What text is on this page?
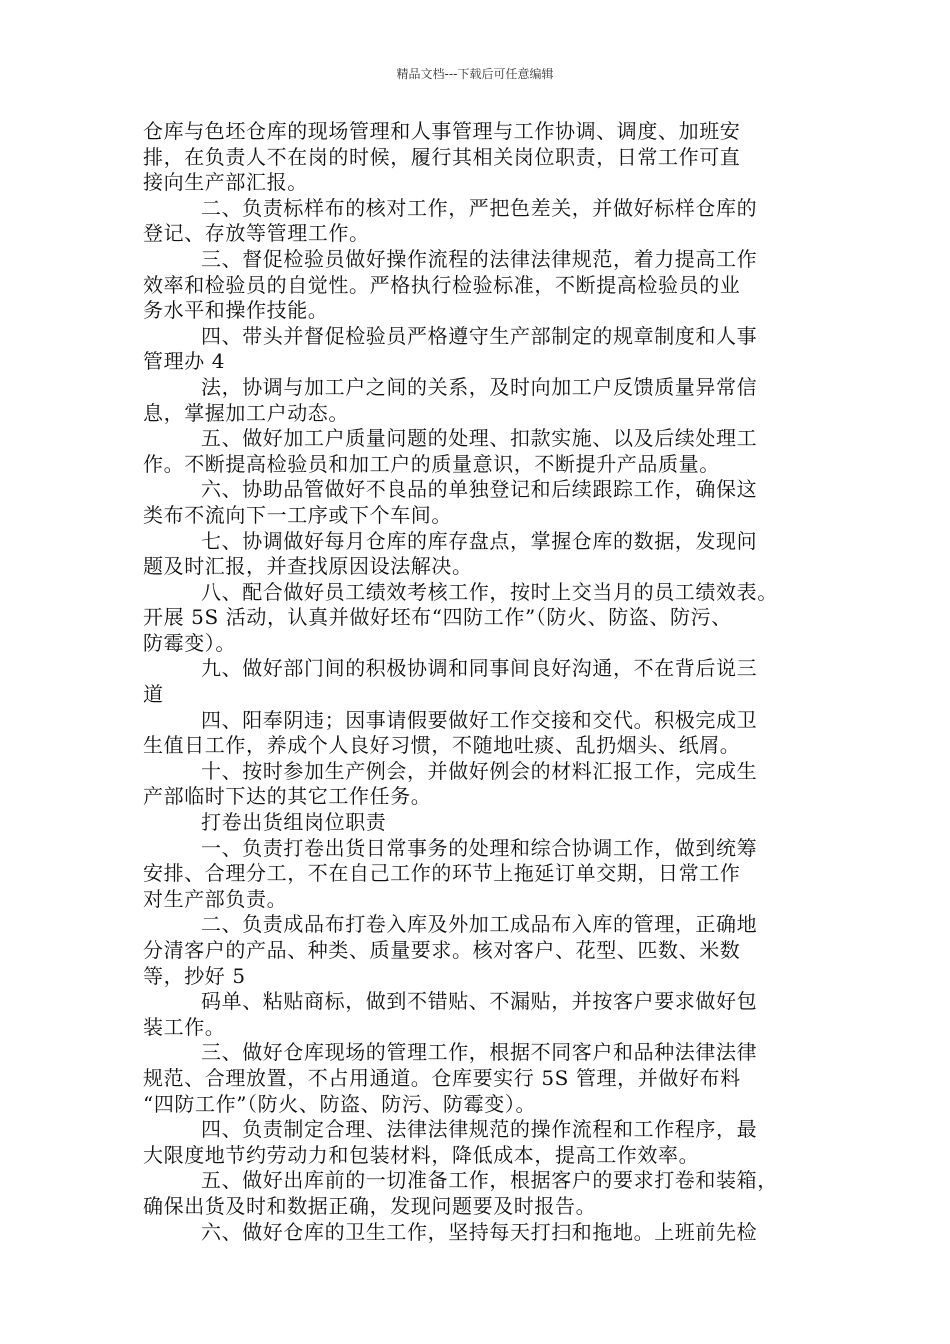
精品文档---下载后可任意编辑
仓库与色坯仓库的现场管理和人事管理与工作协调、调度、加班安
排，在负责人不在岗的时候，履行其相关岗位职责，日常工作可直
接向生产部汇报。
二、负责标样布的核对工作，严把色差关，并做好标样仓库的
登记、存放等管理工作。
三、督促检验员做好操作流程的法律法律规范，着力提高工作
效率和检验员的自觉性。严格执行检验标准，不断提高检验员的业
务水平和操作技能。
四、带头并督促检验员严格遵守生产部制定的规章制度和人事
管理办 4
法，协调与加工户之间的关系，及时向加工户反馈质量异常信
息，掌握加工户动态。
五、做好加工户质量问题的处理、扣款实施、以及后续处理工
作。不断提高检验员和加工户的质量意识，不断提升产品质量。
六、协助品管做好不良品的单独登记和后续跟踪工作，确保这
类布不流向下一工序或下个车间。
七、协调做好每月仓库的库存盘点，掌握仓库的数据，发现问
题及时汇报，并查找原因设法解决。
八、配合做好员工绩效考核工作，按时上交当月的员工绩效表。
开展 5S 活动，认真并做好坯布“四防工作”（防火、防盗、防污、
防霉变）。
九、做好部门间的积极协调和同事间良好沟通，不在背后说三
道
四、阳奉阴违；因事请假要做好工作交接和交代。积极完成卫
生值日工作，养成个人良好习惯，不随地吐痰、乱扔烟头、纸屑。
十、按时参加生产例会，并做好例会的材料汇报工作，完成生
产部临时下达的其它工作任务。
打卷出货组岗位职责
一、负责打卷出货日常事务的处理和综合协调工作，做到统筹
安排、合理分工，不在自己工作的环节上拖延订单交期，日常工作
对生产部负责。
二、负责成品布打卷入库及外加工成品布入库的管理，正确地
分清客户的产品、种类、质量要求。核对客户、花型、匹数、米数
等，抄好 5
码单、粘贴商标，做到不错贴、不漏贴，并按客户要求做好包
装工作。
三、做好仓库现场的管理工作，根据不同客户和品种法律法律
规范、合理放置，不占用通道。仓库要实行 5S 管理，并做好布料
“四防工作”（防火、防盗、防污、防霉变）。
四、负责制定合理、法律法律规范的操作流程和工作程序，最
大限度地节约劳动力和包装材料，降低成本，提高工作效率。
五、做好出库前的一切准备工作，根据客户的要求打卷和装箱，
确保出货及时和数据正确，发现问题要及时报告。
六、做好仓库的卫生工作，坚持每天打扫和拖地。上班前先检
